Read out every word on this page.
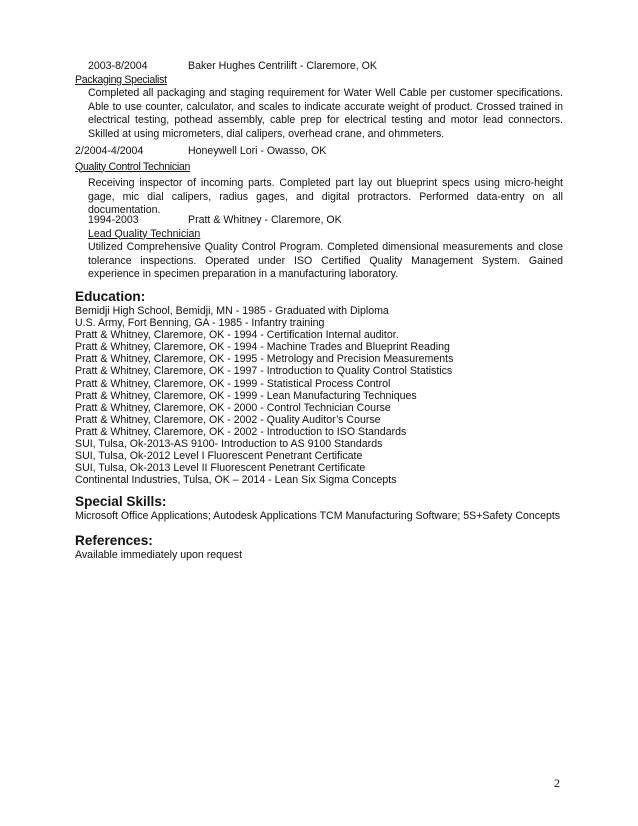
2003-8/2004	Baker Hughes Centrilift - Claremore, OK
Packaging Specialist
Completed all packaging and staging requirement for Water Well Cable per customer specifications. Able to use counter, calculator, and scales to indicate accurate weight of product. Crossed trained in electrical testing, pothead assembly, cable prep for electrical testing and motor lead connectors. Skilled at using micrometers, dial calipers, overhead crane, and ohmmeters.
2/2004-4/2004	Honeywell Lori - Owasso, OK
Quality Control Technician
Receiving inspector of incoming parts. Completed part lay out blueprint specs using micro-height gage, mic dial calipers, radius gages, and digital protractors. Performed data-entry on all documentation.
1994-2003	Pratt & Whitney - Claremore, OK
Lead Quality Technician
Utilized Comprehensive Quality Control Program. Completed dimensional measurements and close tolerance inspections. Operated under ISO Certified Quality Management System. Gained experience in specimen preparation in a manufacturing laboratory.
Education:
Bemidji High School, Bemidji, MN - 1985 - Graduated with Diploma
U.S. Army, Fort Benning, GA - 1985 - Infantry training
Pratt & Whitney, Claremore, OK - 1994 - Certification Internal auditor.
Pratt & Whitney, Claremore, OK - 1994 - Machine Trades and Blueprint Reading
Pratt & Whitney, Claremore, OK - 1995 - Metrology and Precision Measurements
Pratt & Whitney, Claremore, OK - 1997 - Introduction to Quality Control Statistics
Pratt & Whitney, Claremore, OK - 1999 - Statistical Process Control
Pratt & Whitney, Claremore, OK - 1999 - Lean Manufacturing Techniques
Pratt & Whitney, Claremore, OK - 2000 - Control Technician Course
Pratt & Whitney, Claremore, OK - 2002 - Quality Auditor’s Course
Pratt & Whitney, Claremore, OK - 2002 - Introduction to ISO Standards
SUI, Tulsa, Ok-2013-AS 9100- Introduction to AS 9100 Standards
SUI, Tulsa, Ok-2012 Level I Fluorescent Penetrant Certificate
SUI, Tulsa, Ok-2013 Level II Fluorescent Penetrant Certificate
Continental Industries, Tulsa, OK – 2014 - Lean Six Sigma Concepts
Special Skills:
Microsoft Office Applications; Autodesk Applications TCM Manufacturing Software; 5S+Safety Concepts
References:
Available immediately upon request
2
